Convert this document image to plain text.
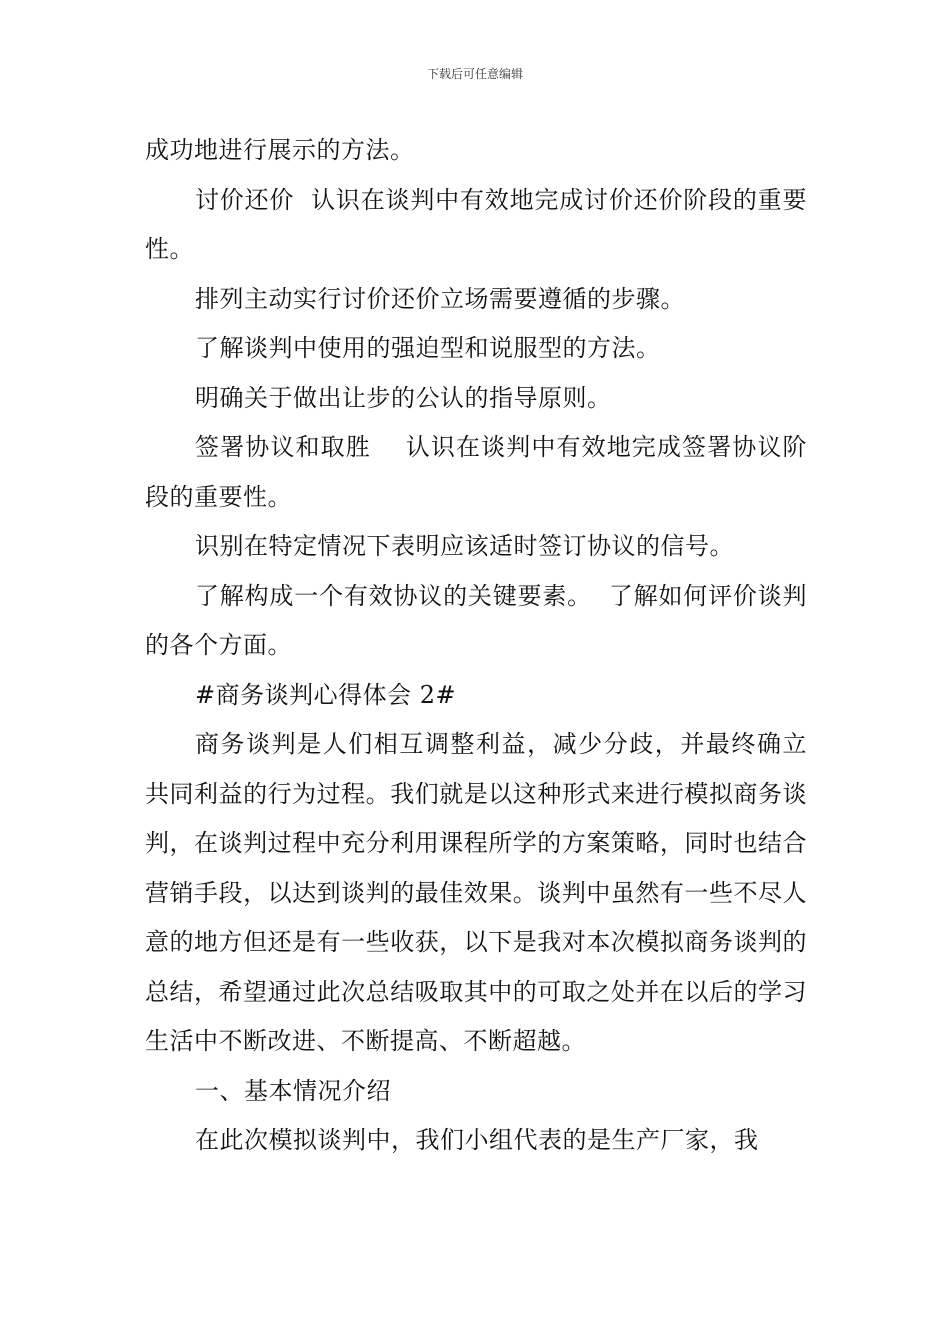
下载后可任意编辑

成功地进行展示的方法。

讨价还价  认识在谈判中有效地完成讨价还价阶段的重要性。

排列主动实行讨价还价立场需要遵循的步骤。

了解谈判中使用的强迫型和说服型的方法。

明确关于做出让步的公认的指导原则。

签署协议和取胜    认识在谈判中有效地完成签署协议阶段的重要性。

识别在特定情况下表明应该适时签订协议的信号。

了解构成一个有效协议的关键要素。  了解如何评价谈判的各个方面。

#商务谈判心得体会 2#

商务谈判是人们相互调整利益，减少分歧，并最终确立共同利益的行为过程。我们就是以这种形式来进行模拟商务谈判，在谈判过程中充分利用课程所学的方案策略，同时也结合营销手段，以达到谈判的最佳效果。谈判中虽然有一些不尽人意的地方但还是有一些收获，以下是我对本次模拟商务谈判的总结，希望通过此次总结吸取其中的可取之处并在以后的学习生活中不断改进、不断提高、不断超越。

一、基本情况介绍

在此次模拟谈判中，我们小组代表的是生产厂家，我
